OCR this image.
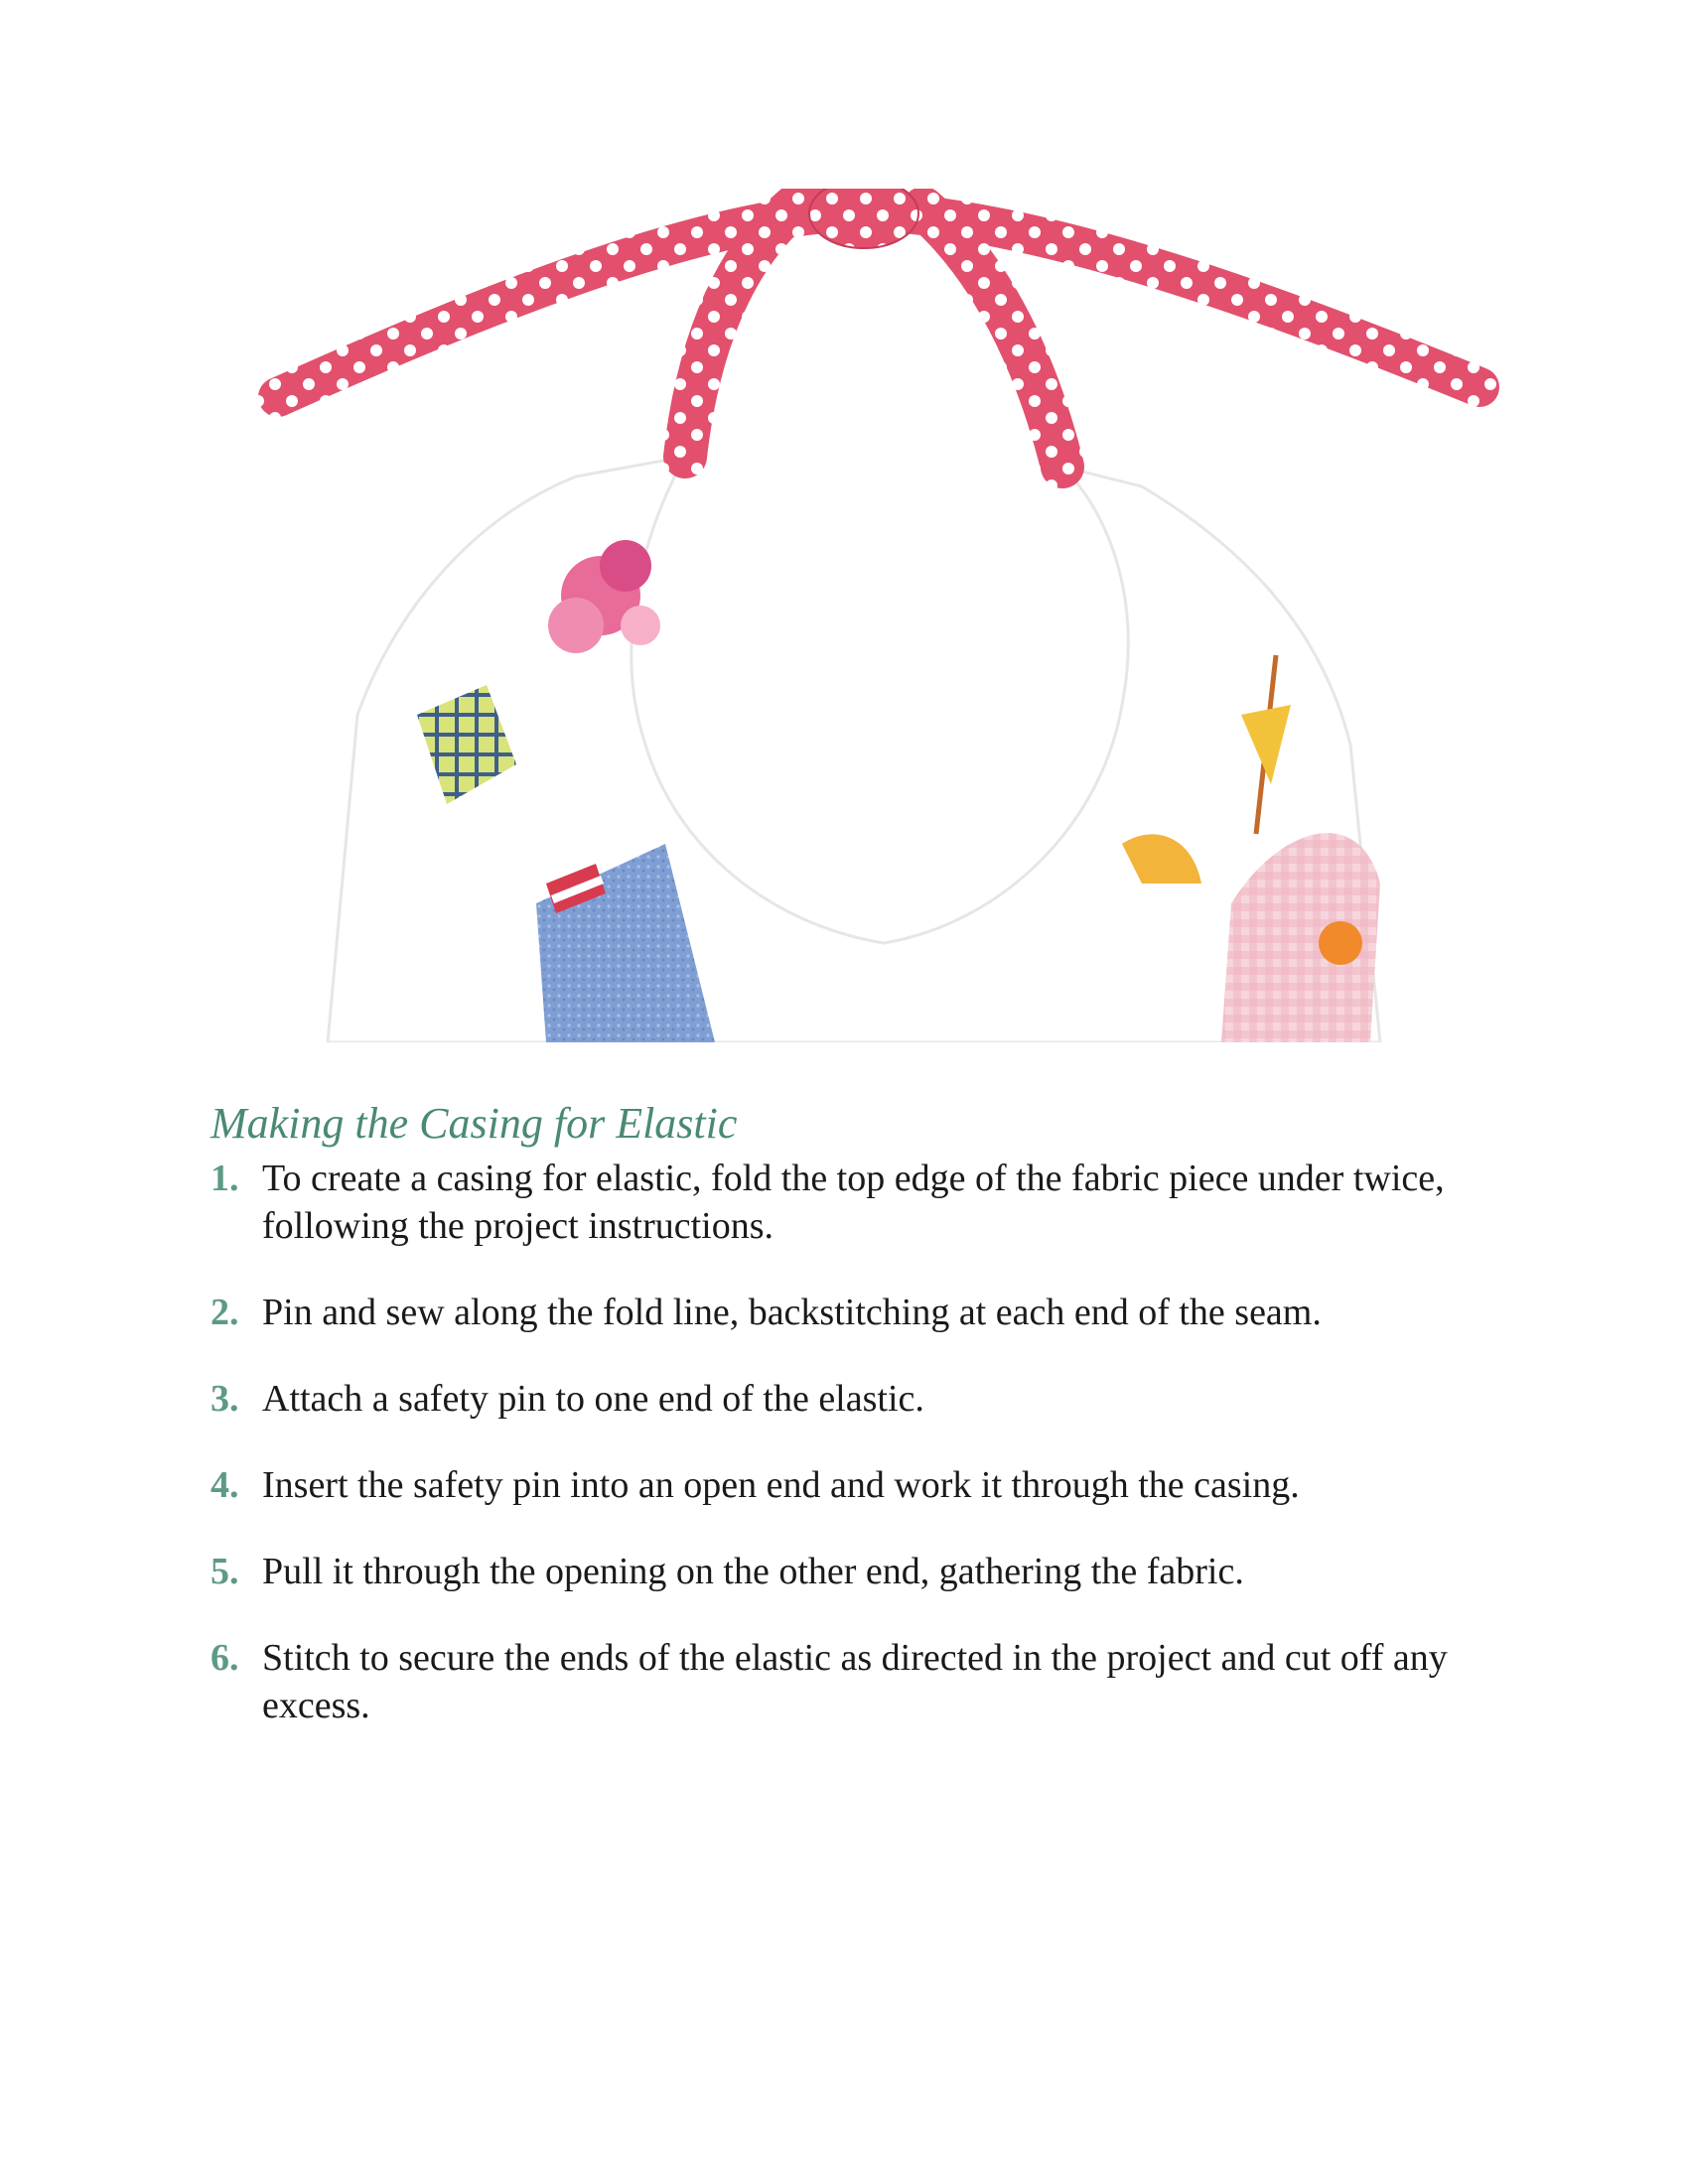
Making the Casing for Elastic
1. To create a casing for elastic, fold the top edge of the fabric piece under twice, following the project instructions.
2. Pin and sew along the fold line, backstitching at each end of the seam.
3. Attach a safety pin to one end of the elastic.
4. Insert the safety pin into an open end and work it through the casing.
5. Pull it through the opening on the other end, gathering the fabric.
6. Stitch to secure the ends of the elastic as directed in the project and cut off any excess.
